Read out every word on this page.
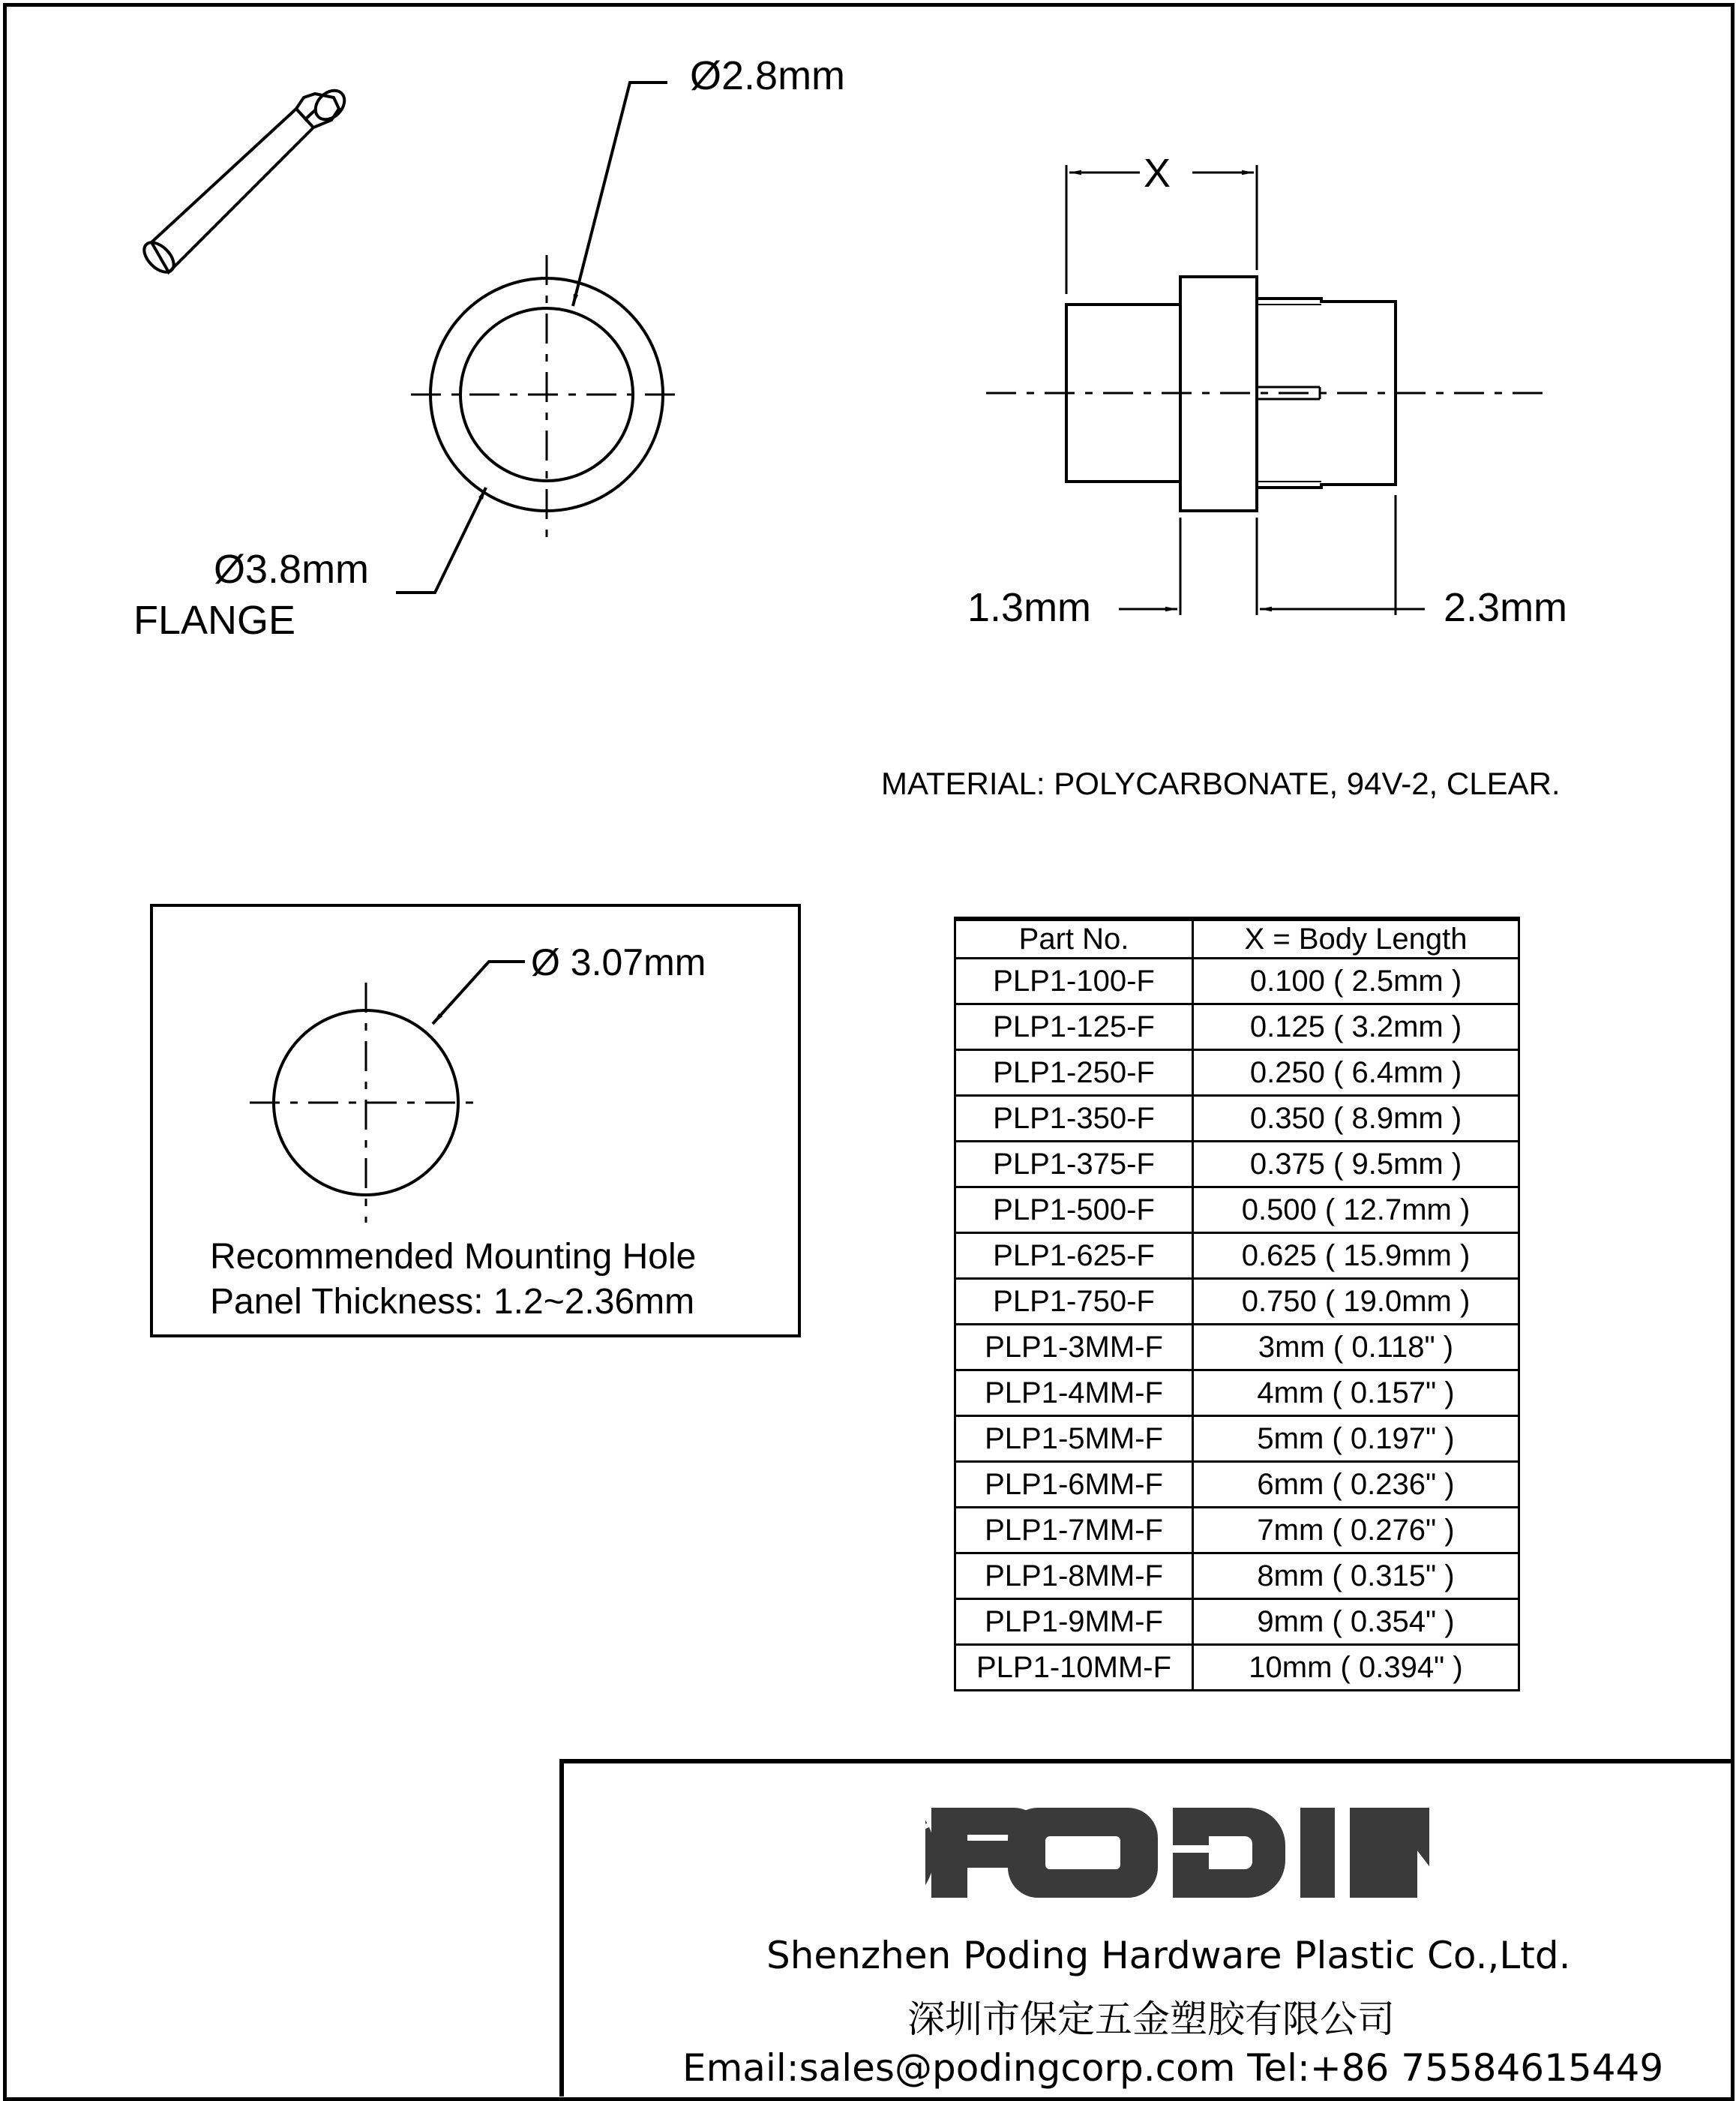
Ø2.8mm
Ø3.8mm
FLANGE
X
1.3mm	2.3mm
MATERIAL: POLYCARBONATE, 94V-2, CLEAR.
Ø 3.07mm
Recommended Mounting Hole
Panel Thickness: 1.2~2.36mm
Part No.	X = Body Length
PLP1-100-F	0.100 ( 2.5mm )
PLP1-125-F	0.125 ( 3.2mm )
PLP1-250-F	0.250 ( 6.4mm )
PLP1-350-F	0.350 ( 8.9mm )
PLP1-375-F	0.375 ( 9.5mm )
PLP1-500-F	0.500 ( 12.7mm )
PLP1-625-F	0.625 ( 15.9mm )
PLP1-750-F	0.750 ( 19.0mm )
PLP1-3MM-F	3mm ( 0.118" )
PLP1-4MM-F	4mm ( 0.157" )
PLP1-5MM-F	5mm ( 0.197" )
PLP1-6MM-F	6mm ( 0.236" )
PLP1-7MM-F	7mm ( 0.276" )
PLP1-8MM-F	8mm ( 0.315" )
PLP1-9MM-F	9mm ( 0.354" )
PLP1-10MM-F	10mm ( 0.394" )
Shenzhen Poding Hardware Plastic Co.,Ltd.
深圳市保定五金塑胶有限公司
Email:sales@podingcorp.com Tel:+86 75584615449
